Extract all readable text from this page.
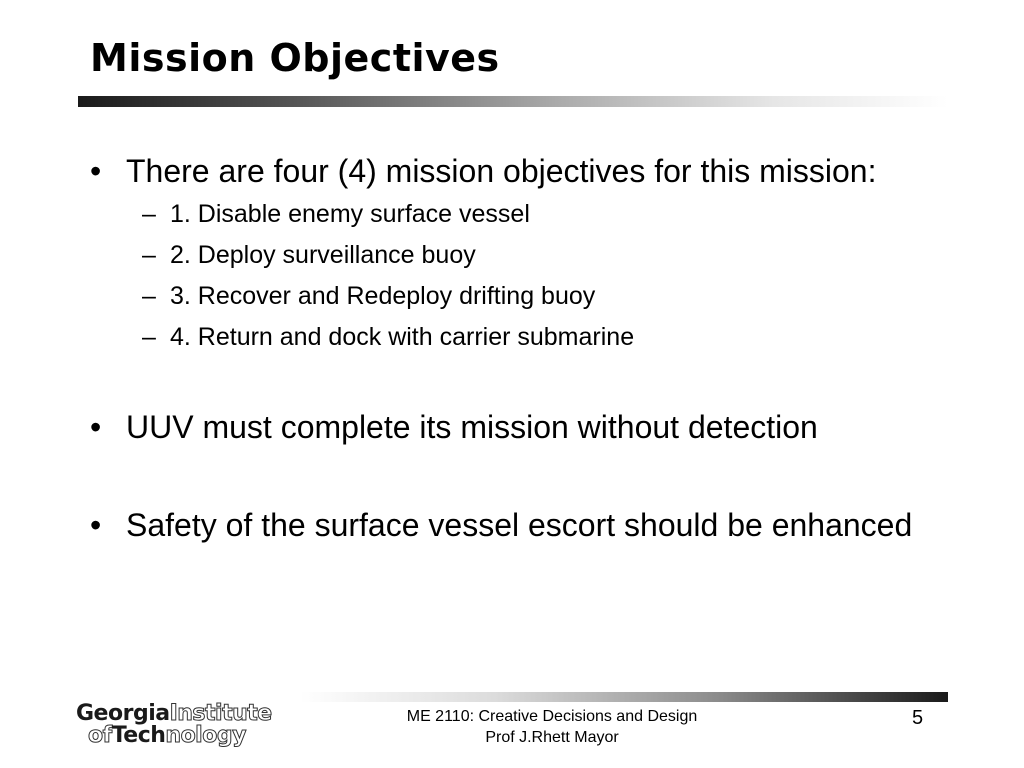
Mission Objectives
• There are four (4) mission objectives for this mission:
– 1. Disable enemy surface vessel
– 2. Deploy surveillance buoy
– 3. Recover and Redeploy drifting buoy
– 4. Return and dock with carrier submarine
• UUV must complete its mission without detection
• Safety of the surface vessel escort should be enhanced
GeorgiaInstitute
ofTechnology
ME 2110: Creative Decisions and Design
Prof J.Rhett Mayor
5
